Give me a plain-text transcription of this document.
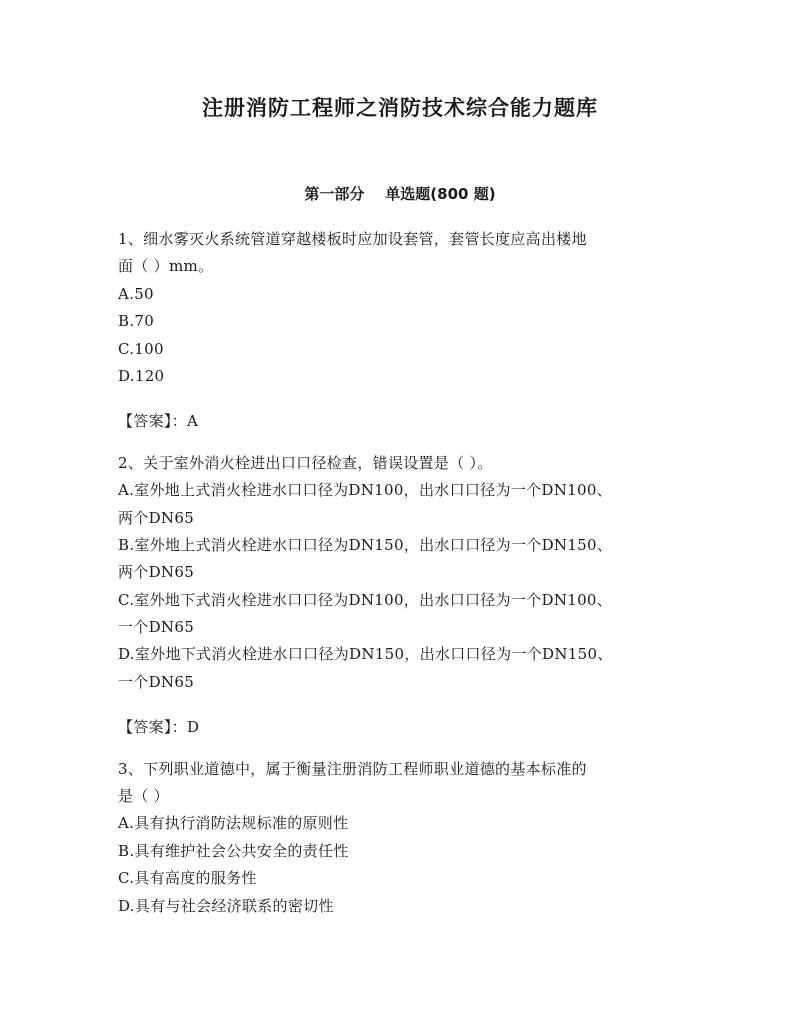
注册消防工程师之消防技术综合能力题库
第一部分    单选题(800 题)
1、细水雾灭火系统管道穿越楼板时应加设套管，套管长度应高出楼地
面（ ）mm。
A.50
B.70
C.100
D.120
【答案】：A
2、关于室外消火栓进出口口径检查，错误设置是（ ）。
A.室外地上式消火栓进水口口径为DN100，出水口口径为一个DN100、
两个DN65
B.室外地上式消火栓进水口口径为DN150，出水口口径为一个DN150、
两个DN65
C.室外地下式消火栓进水口口径为DN100，出水口口径为一个DN100、
一个DN65
D.室外地下式消火栓进水口口径为DN150，出水口口径为一个DN150、
一个DN65
【答案】：D
3、下列职业道德中，属于衡量注册消防工程师职业道德的基本标准的
是（ ）
A.具有执行消防法规标准的原则性
B.具有维护社会公共安全的责任性
C.具有高度的服务性
D.具有与社会经济联系的密切性
